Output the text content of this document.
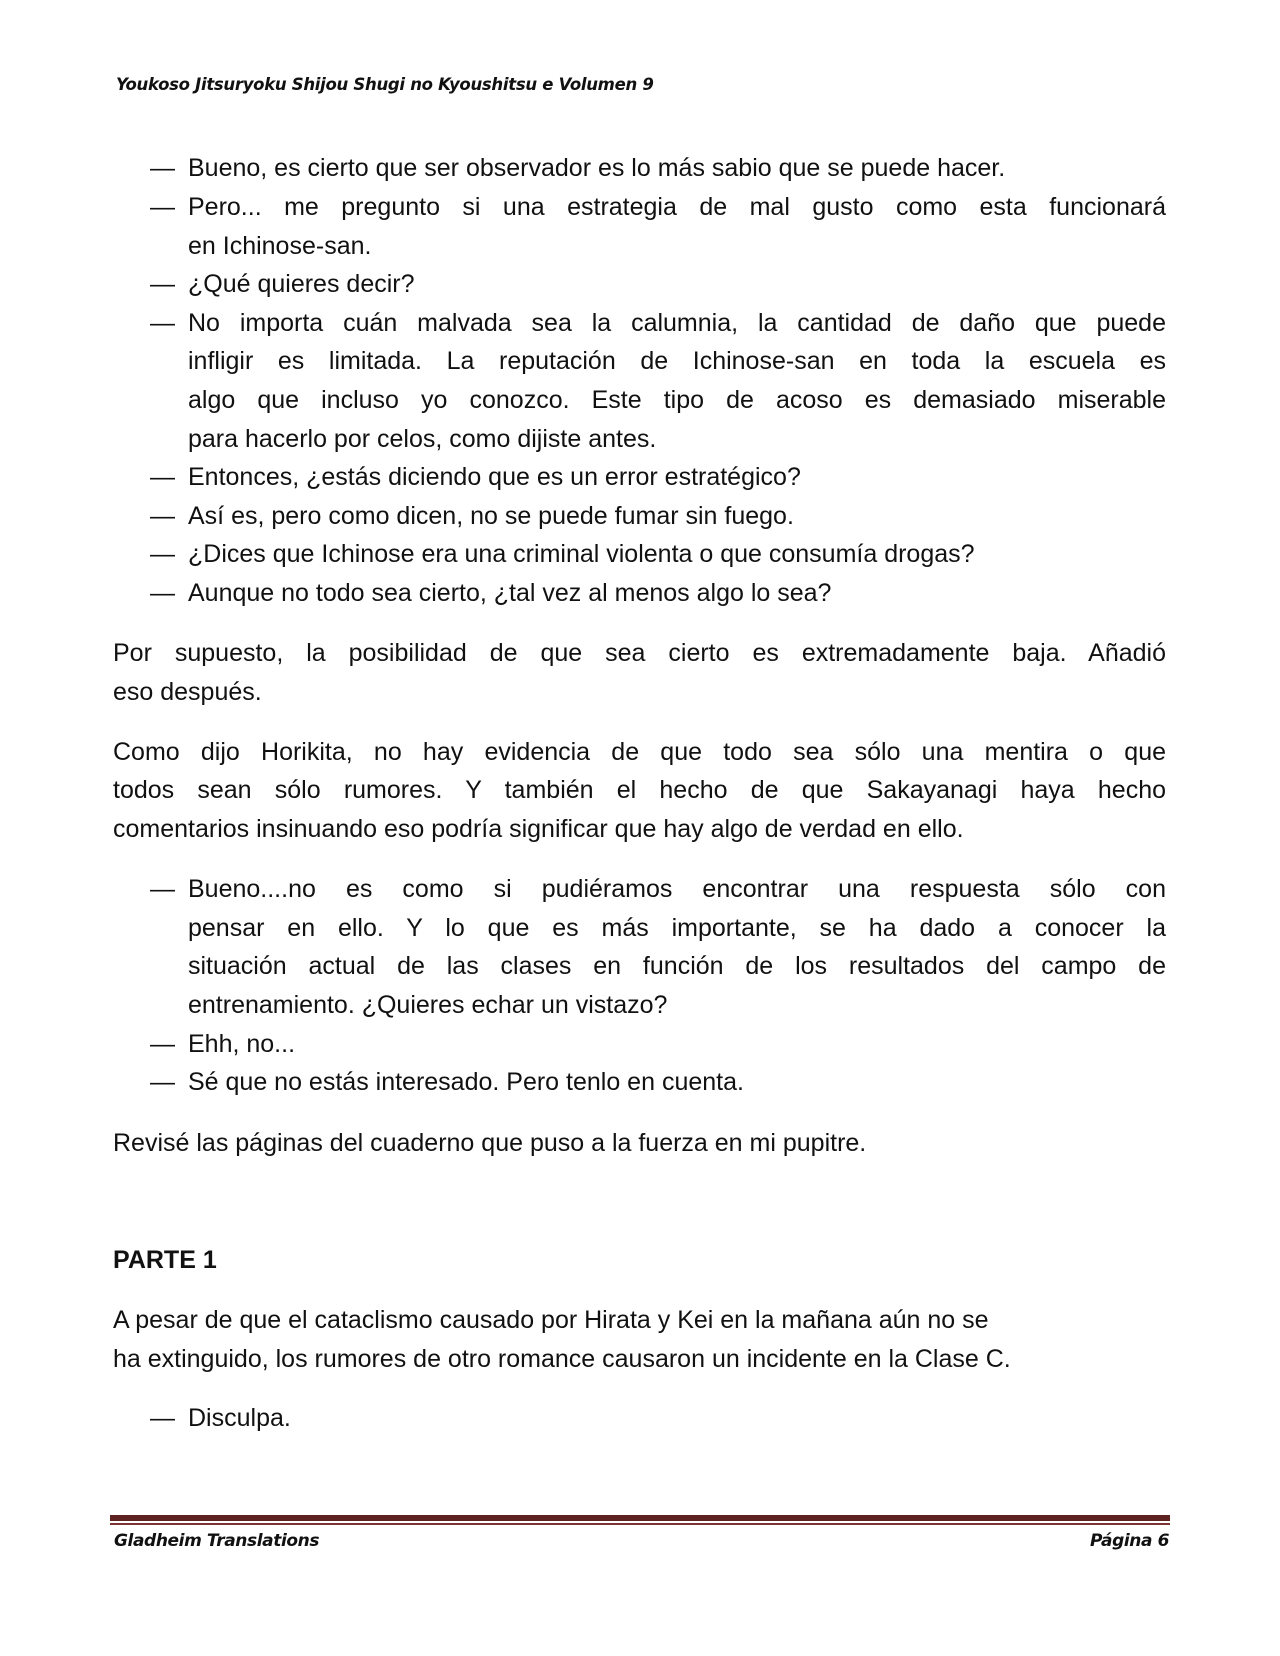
Youkoso Jitsuryoku Shijou Shugi no Kyoushitsu e Volumen 9
— Bueno, es cierto que ser observador es lo más sabio que se puede hacer.
— Pero... me pregunto si una estrategia de mal gusto como esta funcionará
en Ichinose-san.
— ¿Qué quieres decir?
— No importa cuán malvada sea la calumnia, la cantidad de daño que puede
infligir es limitada. La reputación de Ichinose-san en toda la escuela es
algo que incluso yo conozco. Este tipo de acoso es demasiado miserable
para hacerlo por celos, como dijiste antes.
— Entonces, ¿estás diciendo que es un error estratégico?
— Así es, pero como dicen, no se puede fumar sin fuego.
— ¿Dices que Ichinose era una criminal violenta o que consumía drogas?
— Aunque no todo sea cierto, ¿tal vez al menos algo lo sea?
Por supuesto, la posibilidad de que sea cierto es extremadamente baja. Añadió
eso después.
Como dijo Horikita, no hay evidencia de que todo sea sólo una mentira o que
todos sean sólo rumores. Y también el hecho de que Sakayanagi haya hecho
comentarios insinuando eso podría significar que hay algo de verdad en ello.
— Bueno....no es como si pudiéramos encontrar una respuesta sólo con
pensar en ello. Y lo que es más importante, se ha dado a conocer la
situación actual de las clases en función de los resultados del campo de
entrenamiento. ¿Quieres echar un vistazo?
— Ehh, no...
— Sé que no estás interesado. Pero tenlo en cuenta.
Revisé las páginas del cuaderno que puso a la fuerza en mi pupitre.
PARTE 1
A pesar de que el cataclismo causado por Hirata y Kei en la mañana aún no se
ha extinguido, los rumores de otro romance causaron un incidente en la Clase C.
— Disculpa.
Gladheim Translations	Página 6
